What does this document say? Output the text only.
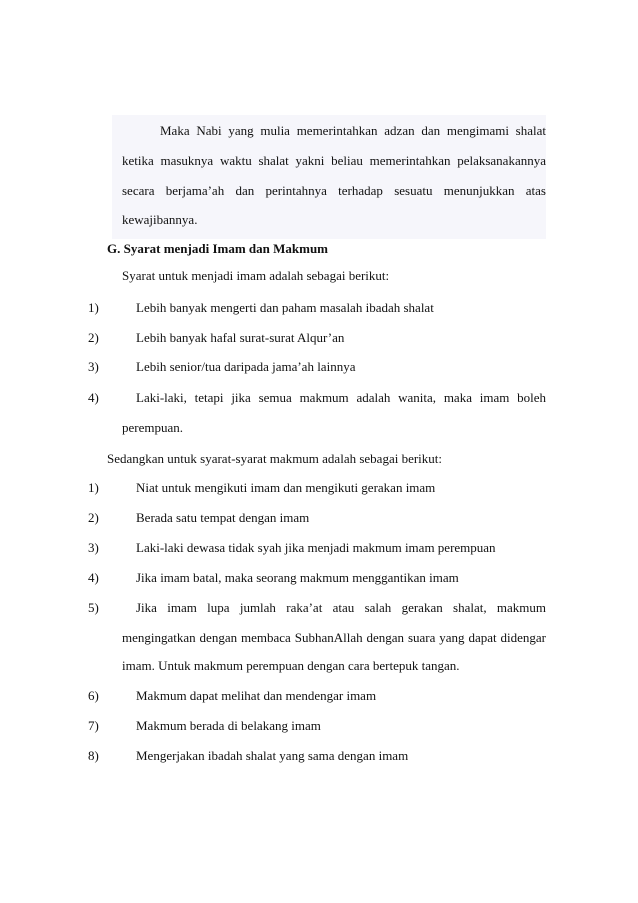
Maka Nabi yang mulia memerintahkan adzan dan mengimami shalat
ketika masuknya waktu shalat yakni beliau memerintahkan pelaksanakannya
secara berjama’ah dan perintahnya terhadap sesuatu menunjukkan atas
kewajibannya.
G. Syarat menjadi Imam dan Makmum
Syarat untuk menjadi imam adalah sebagai berikut:
1)	Lebih banyak mengerti dan paham masalah ibadah shalat
2)	Lebih banyak hafal surat-surat Alqur’an
3)	Lebih senior/tua daripada jama’ah lainnya
4)	Laki-laki, tetapi jika semua makmum adalah wanita, maka imam boleh
perempuan.
Sedangkan untuk syarat-syarat makmum adalah sebagai berikut:
1)	Niat untuk mengikuti imam dan mengikuti gerakan imam
2)	Berada satu tempat dengan imam
3)	Laki-laki dewasa tidak syah jika menjadi makmum imam perempuan
4)	Jika imam batal, maka seorang makmum menggantikan imam
5)	Jika imam lupa jumlah raka’at atau salah gerakan shalat, makmum
mengingatkan dengan membaca SubhanAllah dengan suara yang dapat didengar
imam. Untuk makmum perempuan dengan cara bertepuk tangan.
6)	Makmum dapat melihat dan mendengar imam
7)	Makmum berada di belakang imam
8)	Mengerjakan ibadah shalat yang sama dengan imam
